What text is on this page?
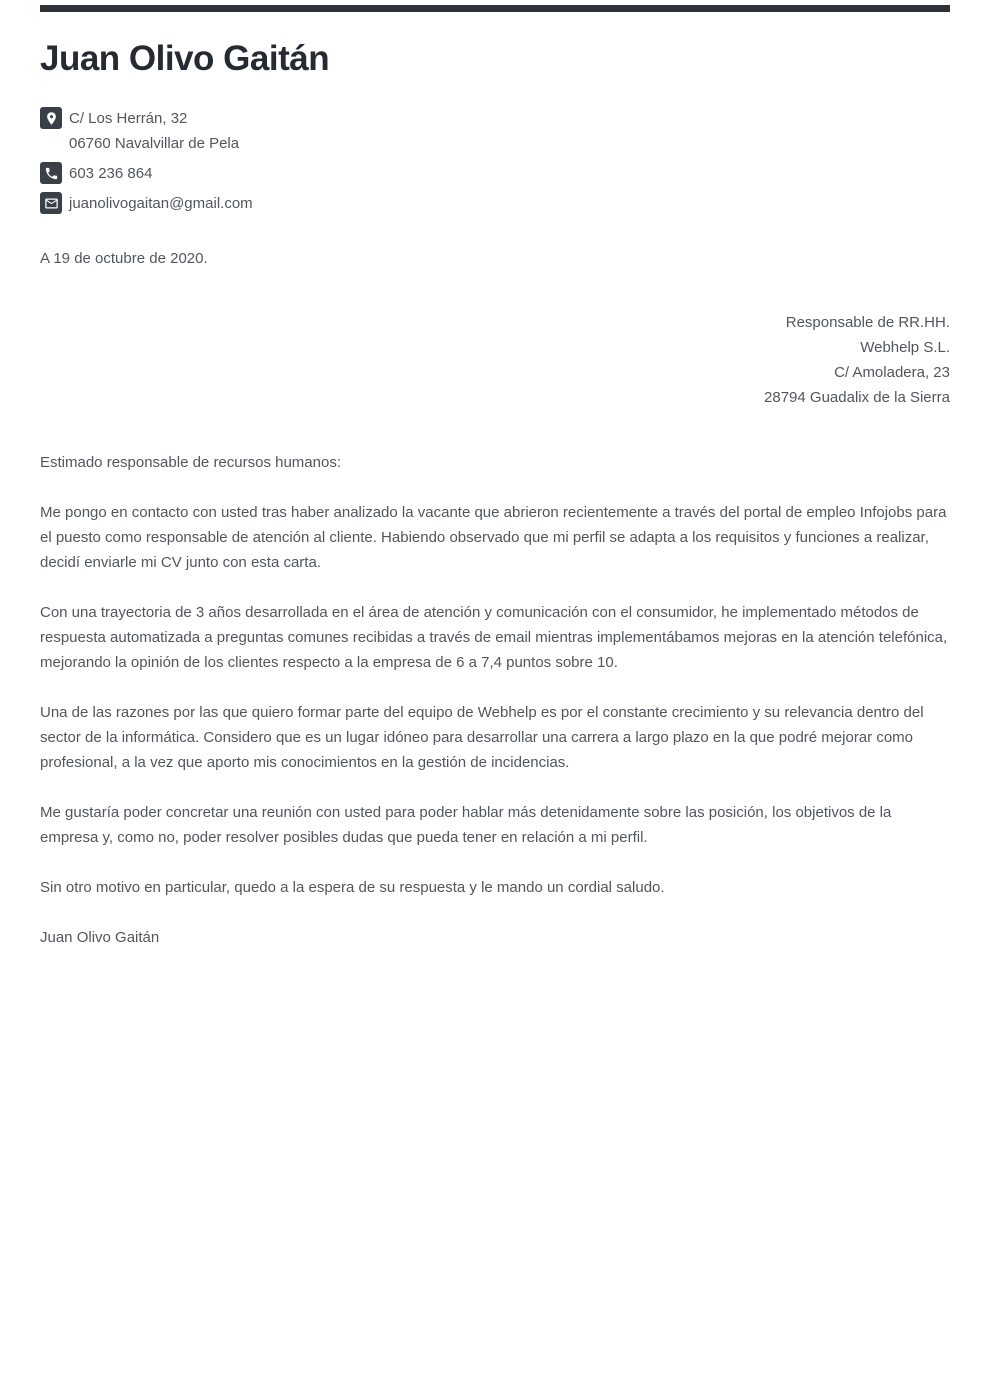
Juan Olivo Gaitán
C/ Los Herrán, 32
06760 Navalvillar de Pela
603 236 864
juanolivogaitan@gmail.com
A 19 de octubre de 2020.
Responsable de RR.HH.
Webhelp S.L.
C/ Amoladera, 23
28794 Guadalix de la Sierra
Estimado responsable de recursos humanos:

Me pongo en contacto con usted tras haber analizado la vacante que abrieron recientemente a través del portal de empleo Infojobs para el puesto como responsable de atención al cliente. Habiendo observado que mi perfil se adapta a los requisitos y funciones a realizar, decidí enviarle mi CV junto con esta carta.

Con una trayectoria de 3 años desarrollada en el área de atención y comunicación con el consumidor, he implementado métodos de respuesta automatizada a preguntas comunes recibidas a través de email mientras implementábamos mejoras en la atención telefónica, mejorando la opinión de los clientes respecto a la empresa de 6 a 7,4 puntos sobre 10.

Una de las razones por las que quiero formar parte del equipo de Webhelp es por el constante crecimiento y su relevancia dentro del sector de la informática. Considero que es un lugar idóneo para desarrollar una carrera a largo plazo en la que podré mejorar como profesional, a la vez que aporto mis conocimientos en la gestión de incidencias.

Me gustaría poder concretar una reunión con usted para poder hablar más detenidamente sobre las posición, los objetivos de la empresa y, como no, poder resolver posibles dudas que pueda tener en relación a mi perfil.

Sin otro motivo en particular, quedo a la espera de su respuesta y le mando un cordial saludo.

Juan Olivo Gaitán
